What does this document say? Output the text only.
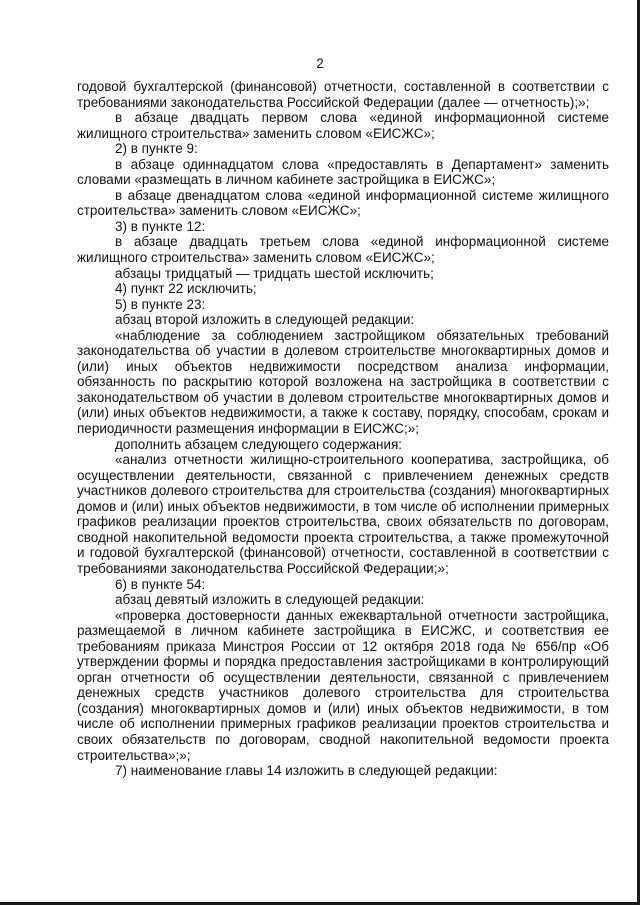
2

годовой бухгалтерской (финансовой) отчетности, составленной в соответствии с требованиями законодательства Российской Федерации (далее — отчетность);»;

в абзаце двадцать первом слова «единой информационной системе жилищного строительства» заменить словом «ЕИСЖС»;

2) в пункте 9:

в абзаце одиннадцатом слова «предоставлять в Департамент» заменить словами «размещать в личном кабинете застройщика в ЕИСЖС»;

в абзаце двенадцатом слова «единой информационной системе жилищного строительства» заменить словом «ЕИСЖС»;

3) в пункте 12:

в абзаце двадцать третьем слова «единой информационной системе жилищного строительства» заменить словом «ЕИСЖС»;

абзацы тридцатый — тридцать шестой исключить;

4) пункт 22 исключить;

5) в пункте 23:

абзац второй изложить в следующей редакции:

«наблюдение за соблюдением застройщиком обязательных требований законодательства об участии в долевом строительстве многоквартирных домов и (или) иных объектов недвижимости посредством анализа информации, обязанность по раскрытию которой возложена на застройщика в соответствии с законодательством об участии в долевом строительстве многоквартирных домов и (или) иных объектов недвижимости, а также к составу, порядку, способам, срокам и периодичности размещения информации в ЕИСЖС;»;

дополнить абзацем следующего содержания:

«анализ отчетности жилищно-строительного кооператива, застройщика, об осуществлении деятельности, связанной с привлечением денежных средств участников долевого строительства для строительства (создания) многоквартирных домов и (или) иных объектов недвижимости, в том числе об исполнении примерных графиков реализации проектов строительства, своих обязательств по договорам, сводной накопительной ведомости проекта строительства, а также промежуточной и годовой бухгалтерской (финансовой) отчетности, составленной в соответствии с требованиями законодательства Российской Федерации;»;

6) в пункте 54:

абзац девятый изложить в следующей редакции:

«проверка достоверности данных ежеквартальной отчетности застройщика, размещаемой в личном кабинете застройщика в ЕИСЖС, и соответствия ее требованиям приказа Минстроя России от 12 октября 2018 года № 656/пр «Об утверждении формы и порядка предоставления застройщиками в контролирующий орган отчетности об осуществлении деятельности, связанной с привлечением денежных средств участников долевого строительства для строительства (создания) многоквартирных домов и (или) иных объектов недвижимости, в том числе об исполнении примерных графиков реализации проектов строительства и своих обязательств по договорам, сводной накопительной ведомости проекта строительства»;»;

7) наименование главы 14 изложить в следующей редакции:
